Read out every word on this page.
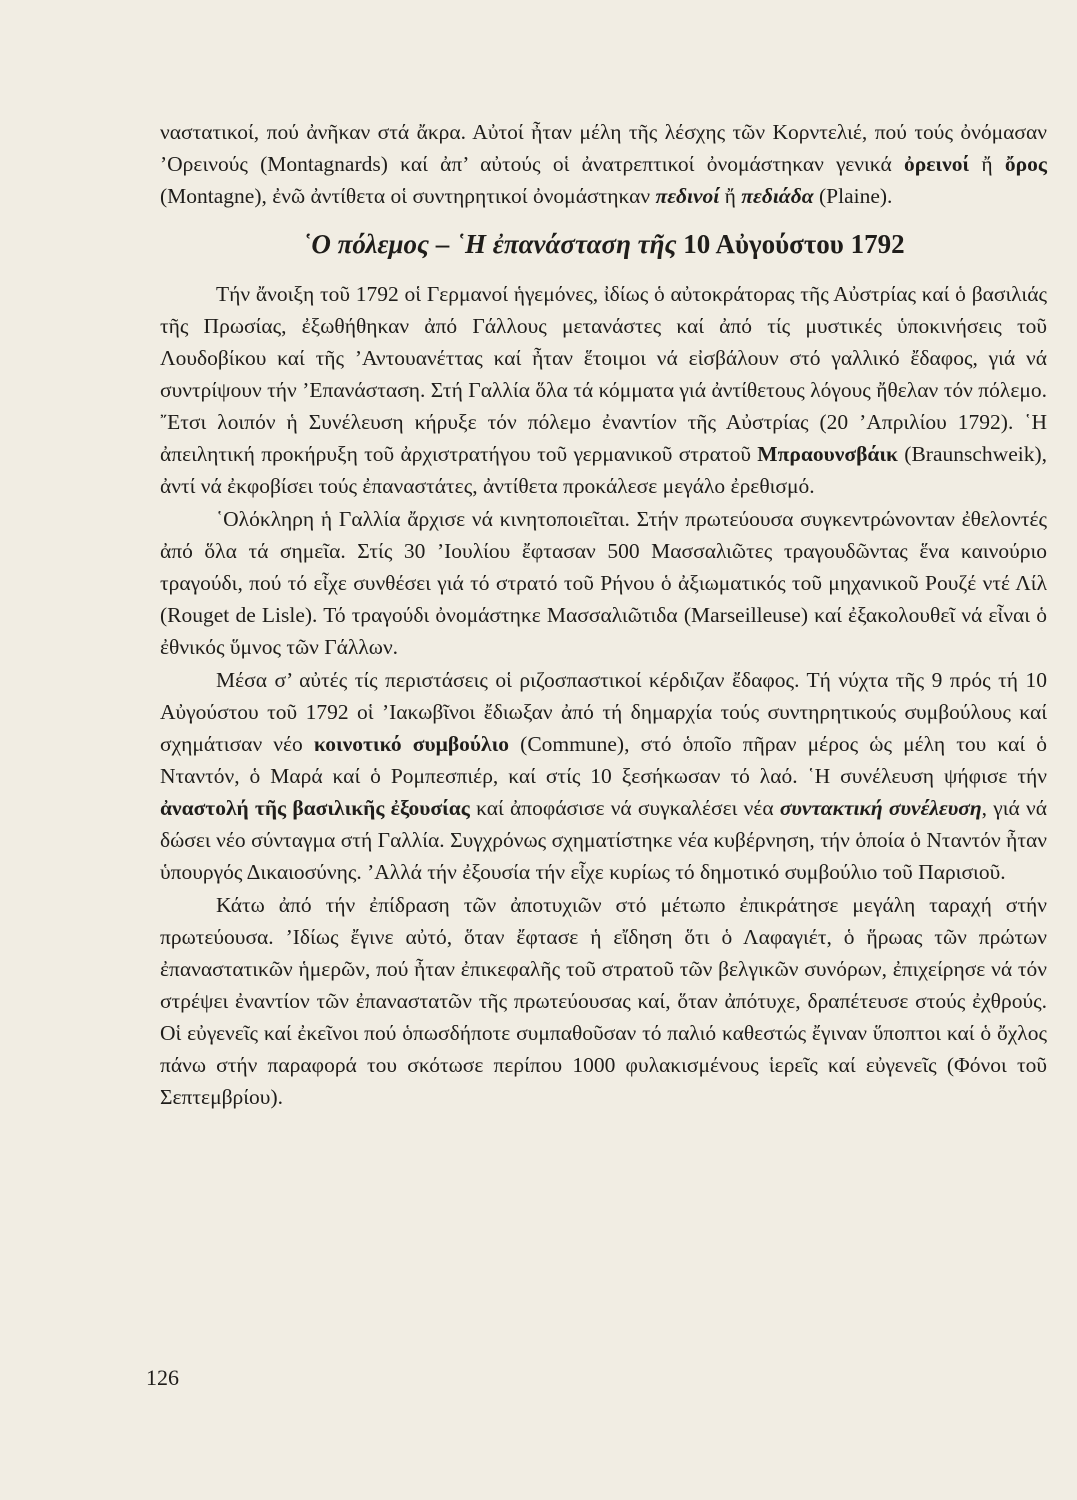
ναστατικοί, πού ἀνῆκαν στά ἄκρα. Αὐτοί ἦταν μέλη τῆς λέσχης τῶν Κορντελιέ, πού τούς ὀνόμασαν ’Ορεινούς (Montagnards) καί ἀπ’ αὐτούς οἱ ἀνατρεπτικοί ὀνομάστηκαν γενικά ὀρεινοί ἤ ὄρος (Montagne), ἐνῶ ἀντίθετα οἱ συντηρητικοί ὀνομάστηκαν πεδινοί ἤ πεδιάδα (Plaine).

῾Ο πόλεμος – ῾Η ἐπανάσταση τῆς 10 Αὐγούστου 1792

Τήν ἄνοιξη τοῦ 1792 οἱ Γερμανοί ἡγεμόνες, ἰδίως ὁ αὐτοκράτορας τῆς Αὐστρίας καί ὁ βασιλιάς τῆς Πρωσίας, ἐξωθήθηκαν ἀπό Γάλλους μετανάστες καί ἀπό τίς μυστικές ὑποκινήσεις τοῦ Λουδοβίκου καί τῆς ’Αντουανέττας καί ἦταν ἕτοιμοι νά εἰσβάλουν στό γαλλικό ἔδαφος, γιά νά συντρίψουν τήν ’Επανάσταση. Στή Γαλλία ὅλα τά κόμματα γιά ἀντίθετους λόγους ἤθελαν τόν πόλεμο. ῎Ετσι λοιπόν ἡ Συνέλευση κήρυξε τόν πόλεμο ἐναντίον τῆς Αὐστρίας (20 ’Απριλίου 1792). ῾Η ἀπειλητική προκήρυξη τοῦ ἀρχιστρατήγου τοῦ γερμανικοῦ στρατοῦ Μπραουνσβάικ (Braunschweik), ἀντί νά ἐκφοβίσει τούς ἐπαναστάτες, ἀντίθετα προκάλεσε μεγάλο ἐρεθισμό.

῾Ολόκληρη ἡ Γαλλία ἄρχισε νά κινητοποιεῖται. Στήν πρωτεύουσα συγκεντρώνονταν ἐθελοντές ἀπό ὅλα τά σημεῖα. Στίς 30 ’Ιουλίου ἔφτασαν 500 Μασσαλιῶτες τραγουδῶντας ἕνα καινούριο τραγούδι, πού τό εἶχε συνθέσει γιά τό στρατό τοῦ Ρήνου ὁ ἀξιωματικός τοῦ μηχανικοῦ Ρουζέ ντέ Λίλ (Rouget de Lisle). Τό τραγούδι ὀνομάστηκε Μασσαλιῶτιδα (Marseilleuse) καί ἐξακολουθεῖ νά εἶναι ὁ ἐθνικός ὕμνος τῶν Γάλλων.

Μέσα σ’ αὐτές τίς περιστάσεις οἱ ριζοσπαστικοί κέρδιζαν ἔδαφος. Τή νύχτα τῆς 9 πρός τή 10 Αὐγούστου τοῦ 1792 οἱ ’Ιακωβῖνοι ἔδιωξαν ἀπό τή δημαρχία τούς συντηρητικούς συμβούλους καί σχημάτισαν νέο κοινοτικό συμβούλιο (Commune), στό ὁποῖο πῆραν μέρος ὡς μέλη του καί ὁ Νταντόν, ὁ Μαρά καί ὁ Ρομπεσπιέρ, καί στίς 10 ξεσήκωσαν τό λαό. ῾Η συνέλευση ψήφισε τήν ἀναστολή τῆς βασιλικῆς ἐξουσίας καί ἀποφάσισε νά συγκαλέσει νέα συντακτική συνέλευση, γιά νά δώσει νέο σύνταγμα στή Γαλλία. Συγχρόνως σχηματίστηκε νέα κυβέρνηση, τήν ὁποία ὁ Νταντόν ἦταν ὑπουργός Δικαιοσύνης. ’Αλλά τήν ἐξουσία τήν εἶχε κυρίως τό δημοτικό συμβούλιο τοῦ Παρισιοῦ.

Κάτω ἀπό τήν ἐπίδραση τῶν ἀποτυχιῶν στό μέτωπο ἐπικράτησε μεγάλη ταραχή στήν πρωτεύουσα. ’Ιδίως ἔγινε αὐτό, ὅταν ἔφτασε ἡ εἴδηση ὅτι ὁ Λαφαγιέτ, ὁ ἥρωας τῶν πρώτων ἐπαναστατικῶν ἡμερῶν, πού ἦταν ἐπικεφαλῆς τοῦ στρατοῦ τῶν βελγικῶν συνόρων, ἐπιχείρησε νά τόν στρέψει ἐναντίον τῶν ἐπαναστατῶν τῆς πρωτεύουσας καί, ὅταν ἀπότυχε, δραπέτευσε στούς ἐχθρούς. Οἱ εὐγενεῖς καί ἐκεῖνοι πού ὁπωσδήποτε συμπαθοῦσαν τό παλιό καθεστώς ἔγιναν ὕποπτοι καί ὁ ὄχλος πάνω στήν παραφορά του σκότωσε περίπου 1000 φυλακισμένους ἱερεῖς καί εὐγενεῖς (Φόνοι τοῦ Σεπτεμβρίου).

126
